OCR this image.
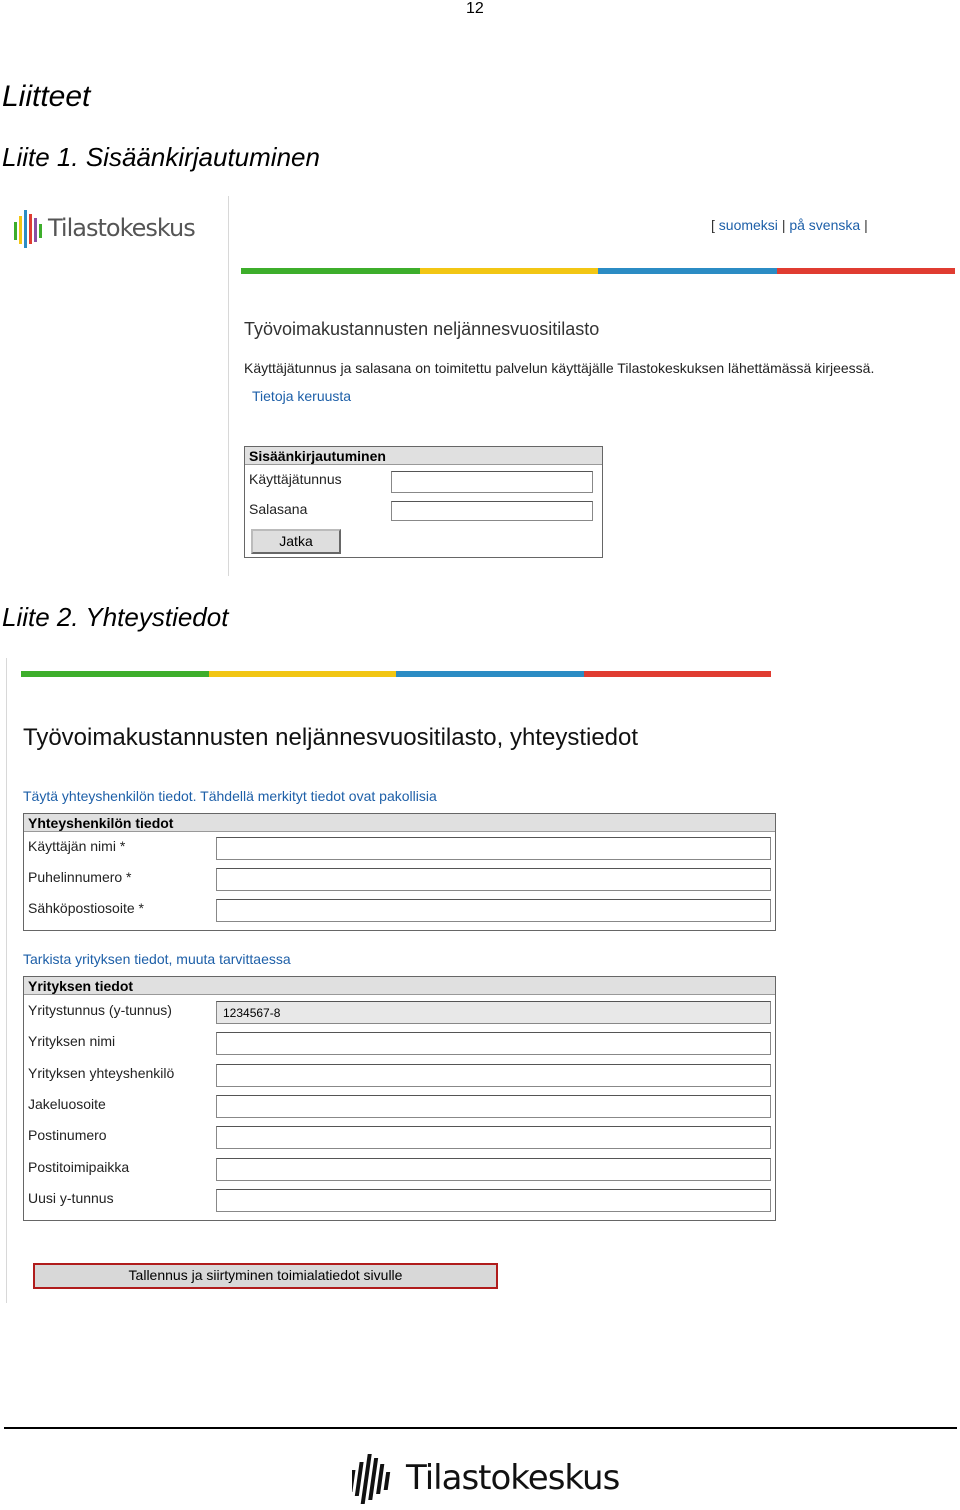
12
Liitteet
Liite 1. Sisäänkirjautuminen
Tilastokeskus	[ suomeksi | på svenska |
Työvoimakustannusten neljännesvuositilasto
Käyttäjätunnus ja salasana on toimitettu palvelun käyttäjälle Tilastokeskuksen lähettämässä kirjeessä.
Tietoja keruusta
Sisäänkirjautuminen
Käyttäjätunnus
Salasana
Jatka
Liite 2. Yhteystiedot
Työvoimakustannusten neljännesvuositilasto, yhteystiedot
Täytä yhteyshenkilön tiedot. Tähdellä merkityt tiedot ovat pakollisia
Yhteyshenkilön tiedot
Käyttäjän nimi *
Puhelinnumero *
Sähköpostiosoite *
Tarkista yrityksen tiedot, muuta tarvittaessa
Yrityksen tiedot
Yritystunnus (y-tunnus)
1234567-8
Yrityksen nimi
Yrityksen yhteyshenkilö
Jakeluosoite
Postinumero
Postitoimipaikka
Uusi y-tunnus
Tallennus ja siirtyminen toimialatiedot sivulle
Tilastokeskus
